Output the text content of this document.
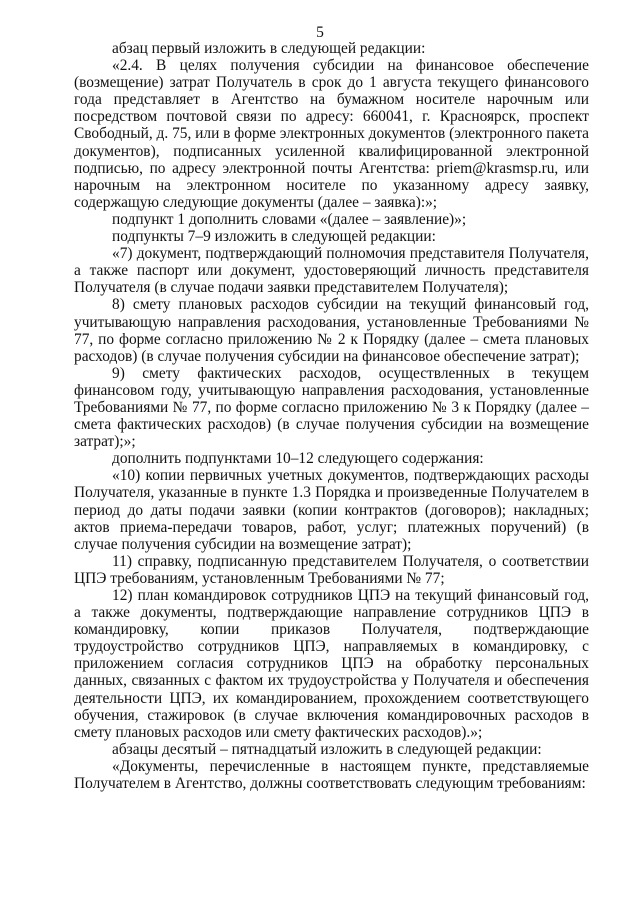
5

абзац первый изложить в следующей редакции:

«2.4. В целях получения субсидии на финансовое обеспечение (возмещение) затрат Получатель в срок до 1 августа текущего финансового года представляет в Агентство на бумажном носителе нарочным или посредством почтовой связи по адресу: 660041, г. Красноярск, проспект Свободный, д. 75, или в форме электронных документов (электронного пакета документов), подписанных усиленной квалифицированной электронной подписью, по адресу электронной почты Агентства: priem@krasmsp.ru, или нарочным на электронном носителе по указанному адресу заявку, содержащую следующие документы (далее – заявка):»;

подпункт 1 дополнить словами «(далее – заявление)»;

подпункты 7–9 изложить в следующей редакции:

«7) документ, подтверждающий полномочия представителя Получателя, а также паспорт или документ, удостоверяющий личность представителя Получателя (в случае подачи заявки представителем Получателя);

8) смету плановых расходов субсидии на текущий финансовый год, учитывающую направления расходования, установленные Требованиями № 77, по форме согласно приложению № 2 к Порядку (далее – смета плановых расходов) (в случае получения субсидии на финансовое обеспечение затрат);

9) смету фактических расходов, осуществленных в текущем финансовом году, учитывающую направления расходования, установленные Требованиями № 77, по форме согласно приложению № 3 к Порядку (далее – смета фактических расходов) (в случае получения субсидии на возмещение затрат);»;

дополнить подпунктами 10–12 следующего содержания:

«10) копии первичных учетных документов, подтверждающих расходы Получателя, указанные в пункте 1.3 Порядка и произведенные Получателем в период до даты подачи заявки (копии контрактов (договоров); накладных; актов приема-передачи товаров, работ, услуг; платежных поручений) (в случае получения субсидии на возмещение затрат);

11) справку, подписанную представителем Получателя, о соответствии ЦПЭ требованиям, установленным Требованиями № 77;

12) план командировок сотрудников ЦПЭ на текущий финансовый год, а также документы, подтверждающие направление сотрудников ЦПЭ в командировку, копии приказов Получателя, подтверждающие трудоустройство сотрудников ЦПЭ, направляемых в командировку, с приложением согласия сотрудников ЦПЭ на обработку персональных данных, связанных с фактом их трудоустройства у Получателя и обеспечения деятельности ЦПЭ, их командированием, прохождением соответствующего обучения, стажировок (в случае включения командировочных расходов в смету плановых расходов или смету фактических расходов).»;

абзацы десятый – пятнадцатый изложить в следующей редакции:

«Документы, перечисленные в настоящем пункте, представляемые Получателем в Агентство, должны соответствовать следующим требованиям:
